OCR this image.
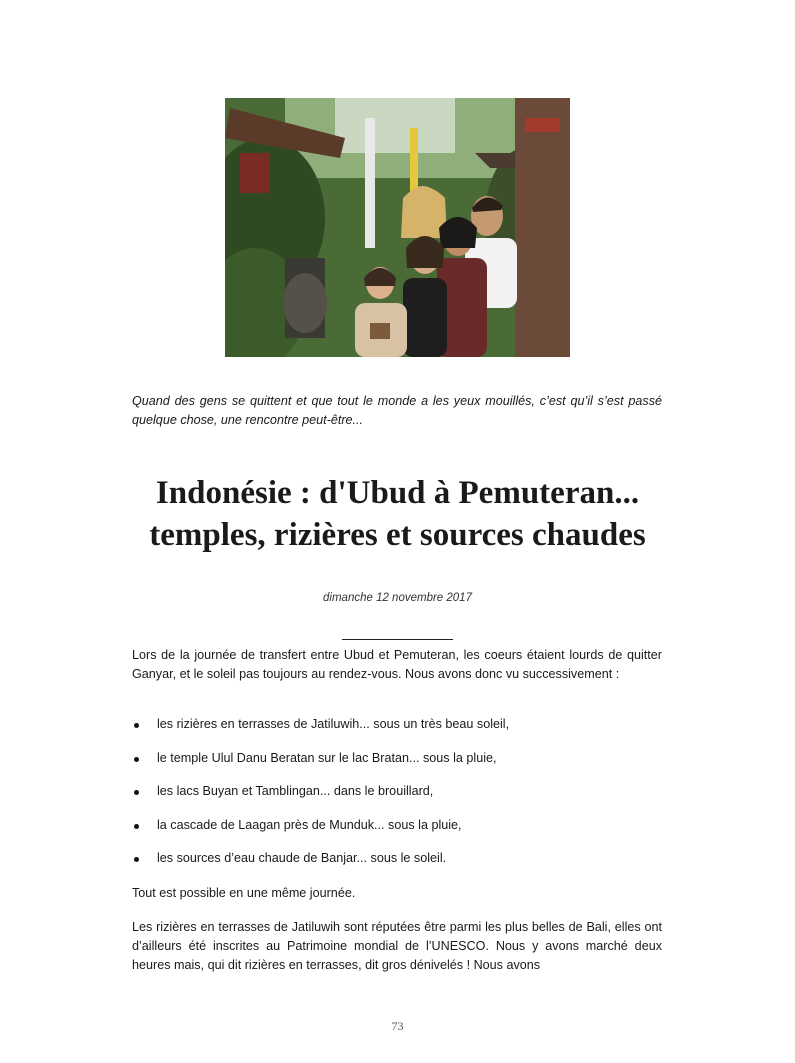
Quand des gens se quittent et que tout le monde a les yeux mouillés, c’est qu’il s’est passé quelque chose, une rencontre peut-être...
Indonésie : d'Ubud à Pemuteran... temples, rizières et sources chaudes
dimanche 12 novembre 2017

Lors de la journée de transfert entre Ubud et Pemuteran, les coeurs étaient lourds de quitter Ganyar, et le soleil pas toujours au rendez-vous. Nous avons donc vu successivement :

les rizières en terrasses de Jatiluwih... sous un très beau soleil,
le temple Ulul Danu Beratan sur le lac Bratan... sous la pluie,
les lacs Buyan et Tamblingan... dans le brouillard,
la cascade de Laagan près de Munduk... sous la pluie,
les sources d’eau chaude de Banjar... sous le soleil.

Tout est possible en une même journée.

Les rizières en terrasses de Jatiluwih sont réputées être parmi les plus belles de Bali, elles ont d’ailleurs été inscrites au Patrimoine mondial de l’UNESCO. Nous y avons marché deux heures mais, qui dit rizières en terrasses, dit gros dénivelés ! Nous avons

73
